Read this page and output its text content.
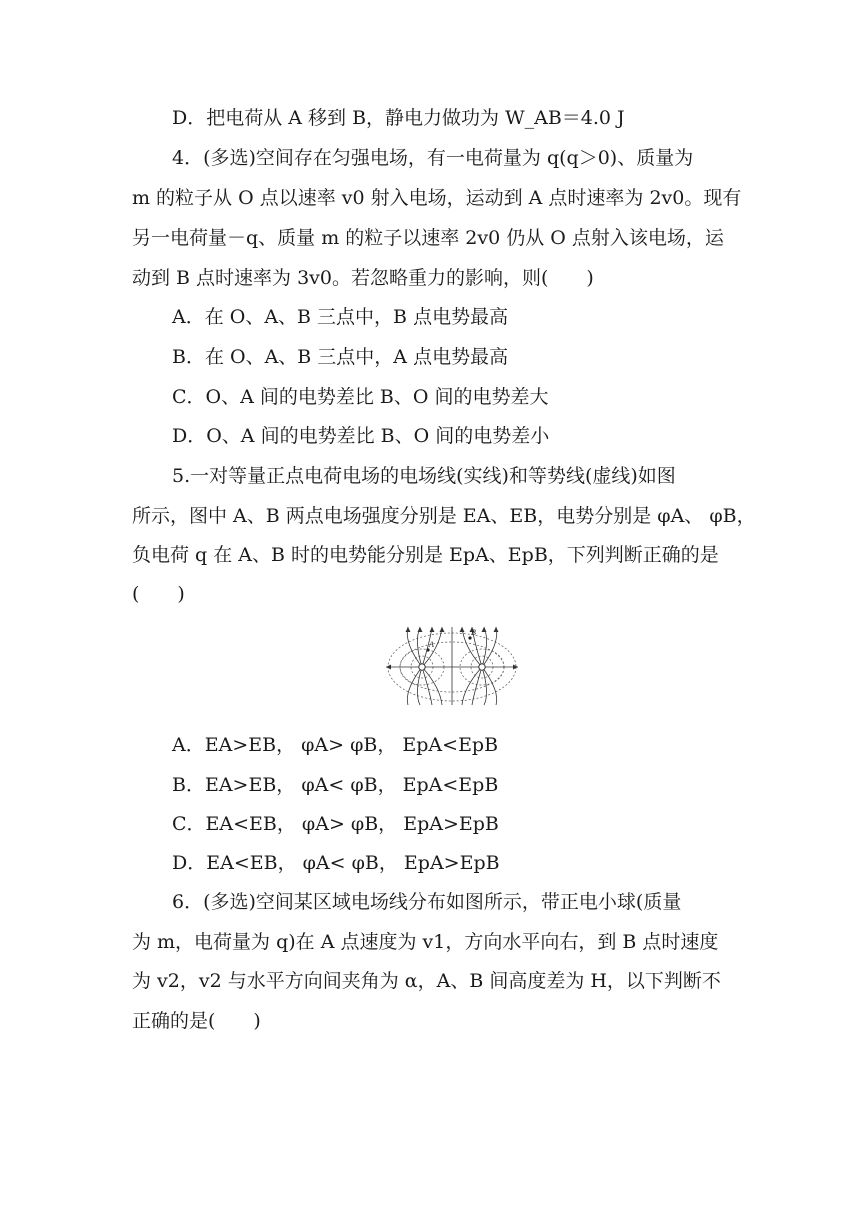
D．把电荷从 A 移到 B，静电力做功为 W_AB＝4.0 J
4．(多选)空间存在匀强电场，有一电荷量为 q(q＞0)、质量为
m 的粒子从 O 点以速率 v0 射入电场，运动到 A 点时速率为 2v0。现有
另一电荷量－q、质量 m 的粒子以速率 2v0 仍从 O 点射入该电场，运
动到 B 点时速率为 3v0。若忽略重力的影响，则(　　)
A．在 O、A、B 三点中，B 点电势最高
B．在 O、A、B 三点中，A 点电势最高
C．O、A 间的电势差比 B、O 间的电势差大
D．O、A 间的电势差比 B、O 间的电势差小
5.一对等量正点电荷电场的电场线(实线)和等势线(虚线)如图
所示，图中 A、B 两点电场强度分别是 EA、EB，电势分别是 φA、 φB，
负电荷 q 在 A、B 时的电势能分别是 EpA、EpB，下列判断正确的是
(　　)
A
B
A．EA>EB， φA> φB， EpA<EpB
B．EA>EB， φA< φB， EpA<EpB
C．EA<EB， φA> φB， EpA>EpB
D．EA<EB， φA< φB， EpA>EpB
6．(多选)空间某区域电场线分布如图所示，带正电小球(质量
为 m，电荷量为 q)在 A 点速度为 v1，方向水平向右，到 B 点时速度
为 v2，v2 与水平方向间夹角为 α，A、B 间高度差为 H，以下判断不
正确的是(　　)
